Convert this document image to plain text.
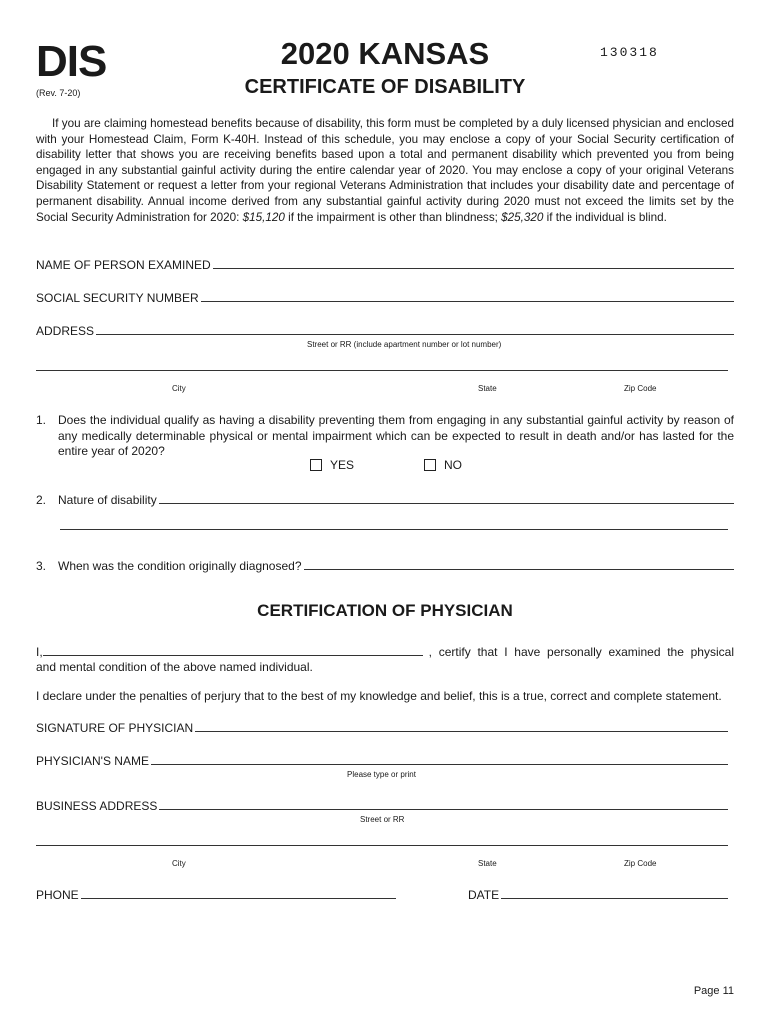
DIS
(Rev. 7-20)
2020 KANSAS
CERTIFICATE OF DISABILITY
130318
If you are claiming homestead benefits because of disability, this form must be completed by a duly licensed physician and enclosed with your Homestead Claim, Form K-40H. Instead of this schedule, you may enclose a copy of your Social Security certification of disability letter that shows you are receiving benefits based upon a total and permanent disability which prevented you from being engaged in any substantial gainful activity during the entire calendar year of 2020. You may enclose a copy of your original Veterans Disability Statement or request a letter from your regional Veterans Administration that includes your disability date and percentage of permanent disability. Annual income derived from any substantial gainful activity during 2020 must not exceed the limits set by the Social Security Administration for 2020: $15,120 if the impairment is other than blindness; $25,320 if the individual is blind.
NAME OF PERSON EXAMINED
SOCIAL SECURITY NUMBER
ADDRESS
Street or RR (include apartment number or lot number)
City	State	Zip Code
1. Does the individual qualify as having a disability preventing them from engaging in any substantial gainful activity by reason of any medically determinable physical or mental impairment which can be expected to result in death and/or has lasted for the entire year of 2020?
YES	NO
2. Nature of disability
3. When was the condition originally diagnosed?
CERTIFICATION OF PHYSICIAN
I,	, certify that I have personally examined the physical
and mental condition of the above named individual.
I declare under the penalties of perjury that to the best of my knowledge and belief, this is a true, correct and complete statement.
SIGNATURE OF PHYSICIAN
PHYSICIAN'S NAME
Please type or print
BUSINESS ADDRESS
Street or RR
City	State	Zip Code
PHONE	DATE
Page 11
